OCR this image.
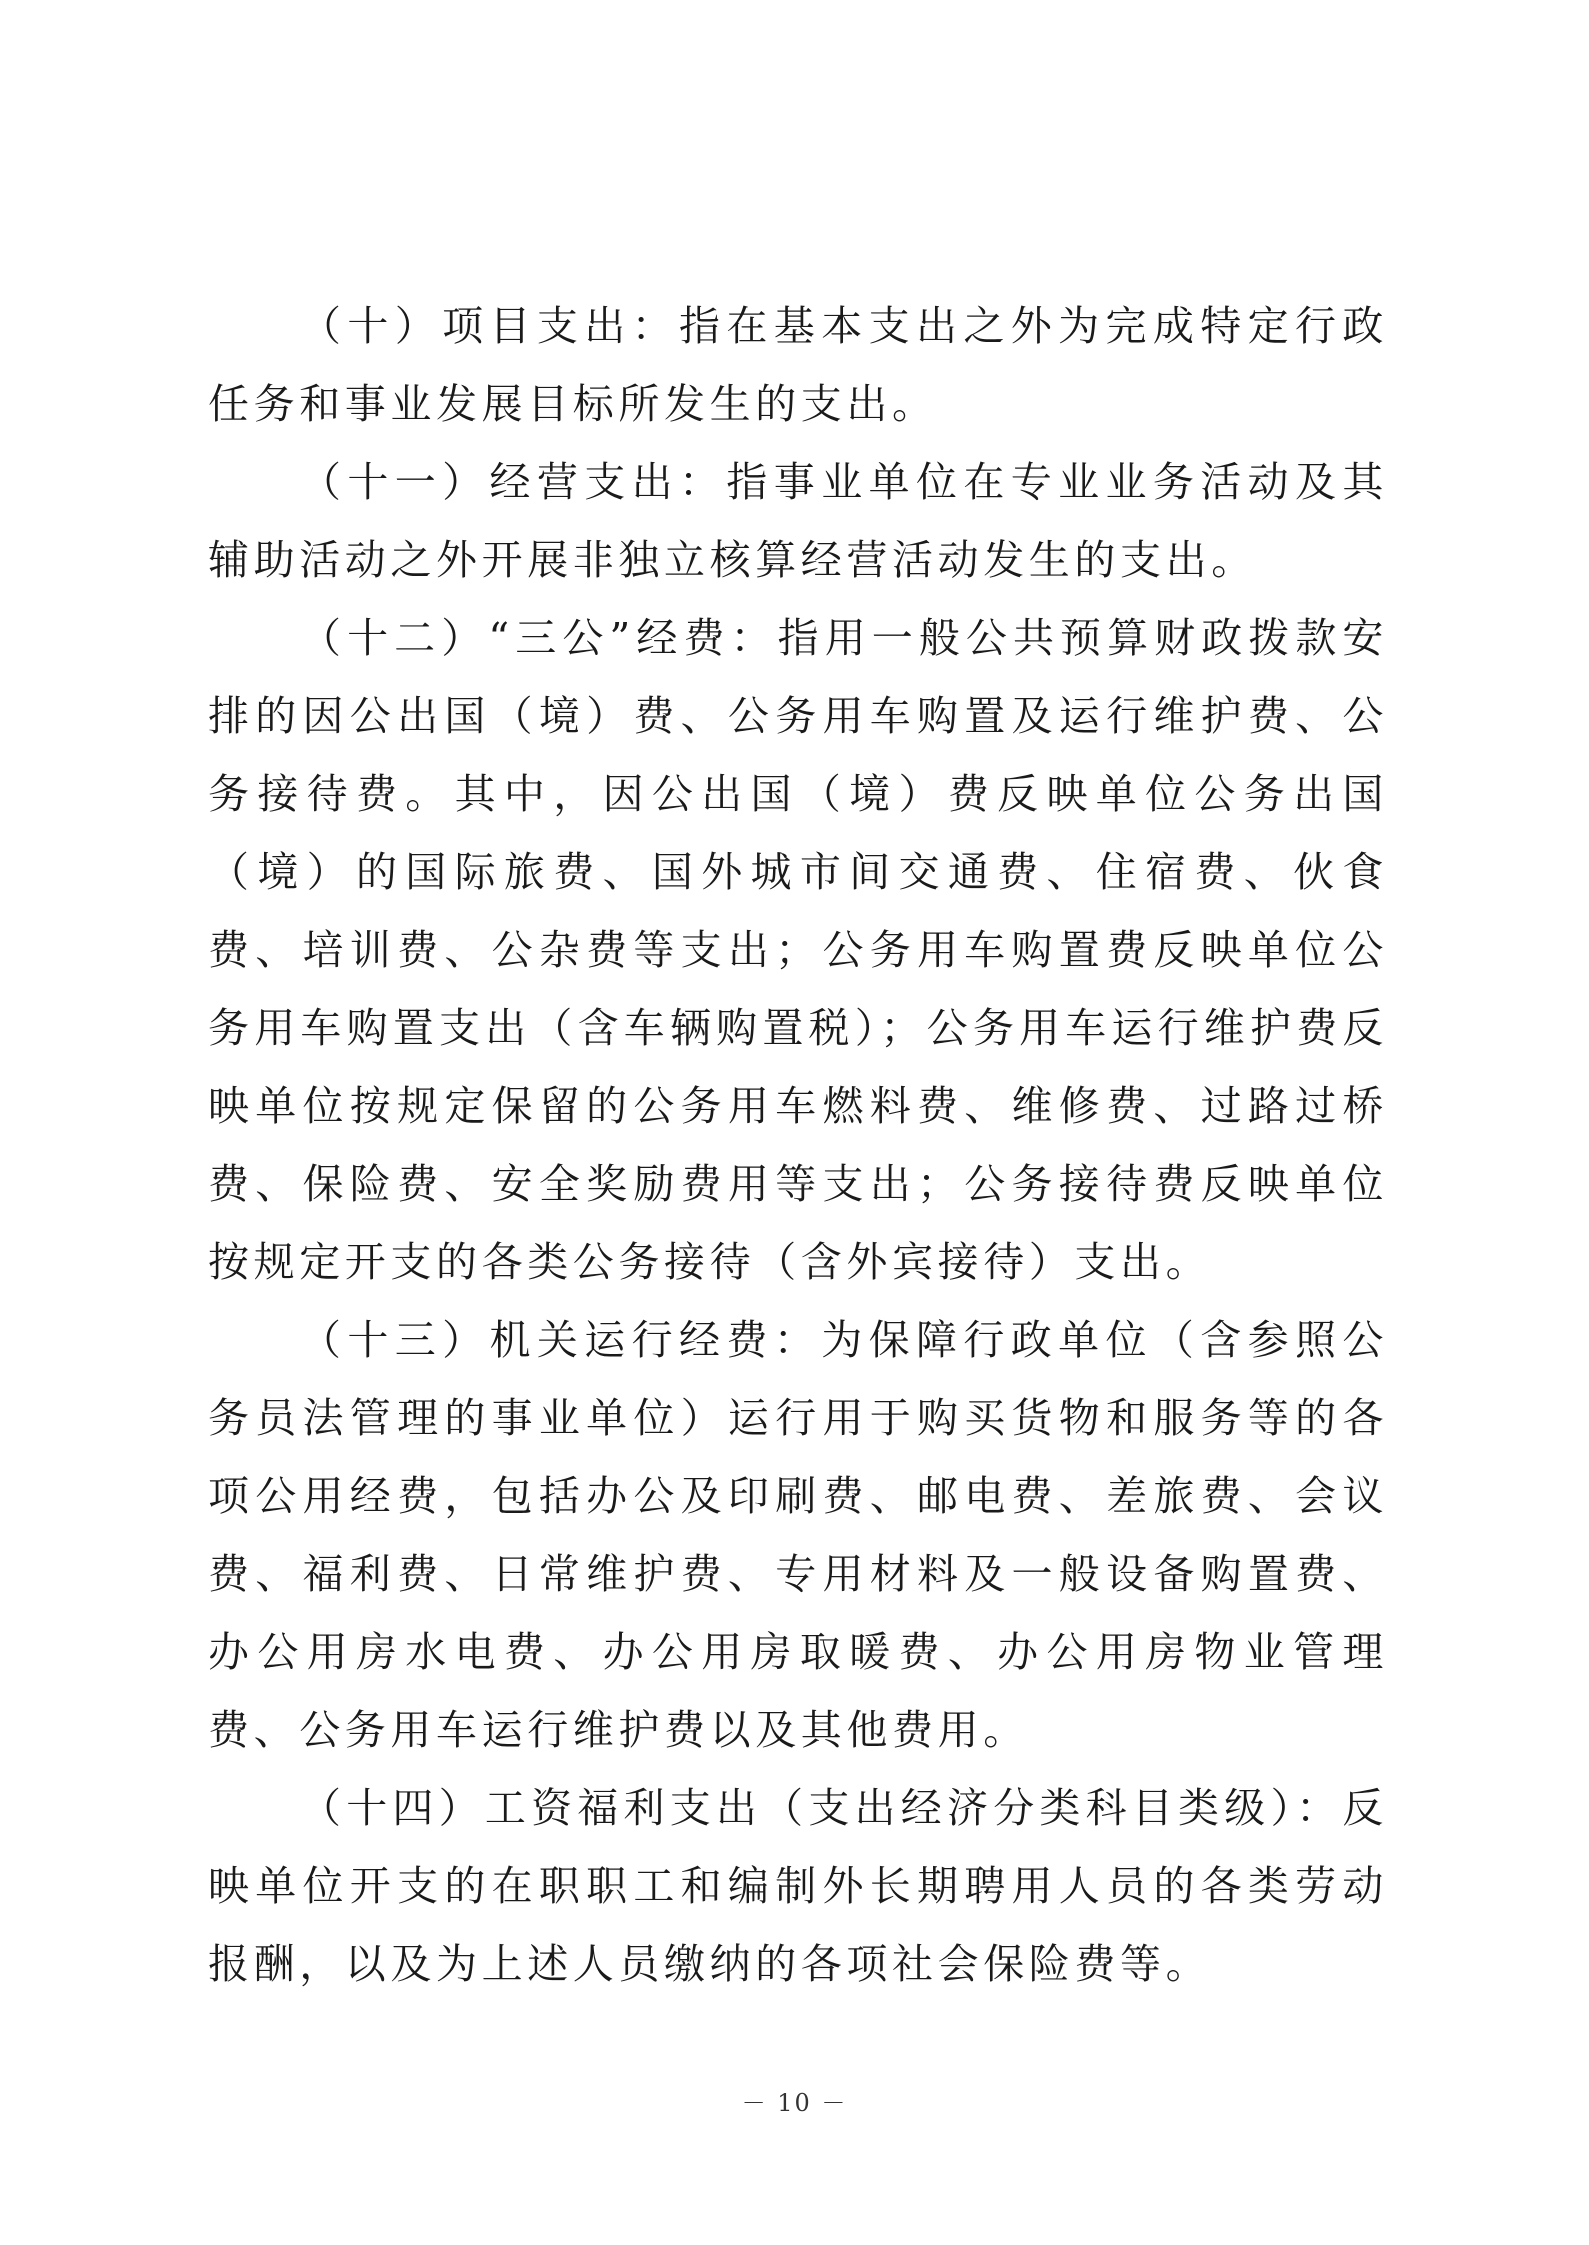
（十）项目支出：指在基本支出之外为完成特定行政任务和事业发展目标所发生的支出。

（十一）经营支出：指事业单位在专业业务活动及其辅助活动之外开展非独立核算经营活动发生的支出。

（十二）“三公”经费：指用一般公共预算财政拨款安排的因公出国（境）费、公务用车购置及运行维护费、公务接待费。其中，因公出国（境）费反映单位公务出国（境）的国际旅费、国外城市间交通费、住宿费、伙食费、培训费、公杂费等支出；公务用车购置费反映单位公务用车购置支出（含车辆购置税）；公务用车运行维护费反映单位按规定保留的公务用车燃料费、维修费、过路过桥费、保险费、安全奖励费用等支出；公务接待费反映单位按规定开支的各类公务接待（含外宾接待）支出。

（十三）机关运行经费：为保障行政单位（含参照公务员法管理的事业单位）运行用于购买货物和服务等的各项公用经费，包括办公及印刷费、邮电费、差旅费、会议费、福利费、日常维护费、专用材料及一般设备购置费、办公用房水电费、办公用房取暖费、办公用房物业管理费、公务用车运行维护费以及其他费用。

（十四）工资福利支出（支出经济分类科目类级）：反映单位开支的在职职工和编制外长期聘用人员的各类劳动报酬，以及为上述人员缴纳的各项社会保险费等。

－ 10 －
